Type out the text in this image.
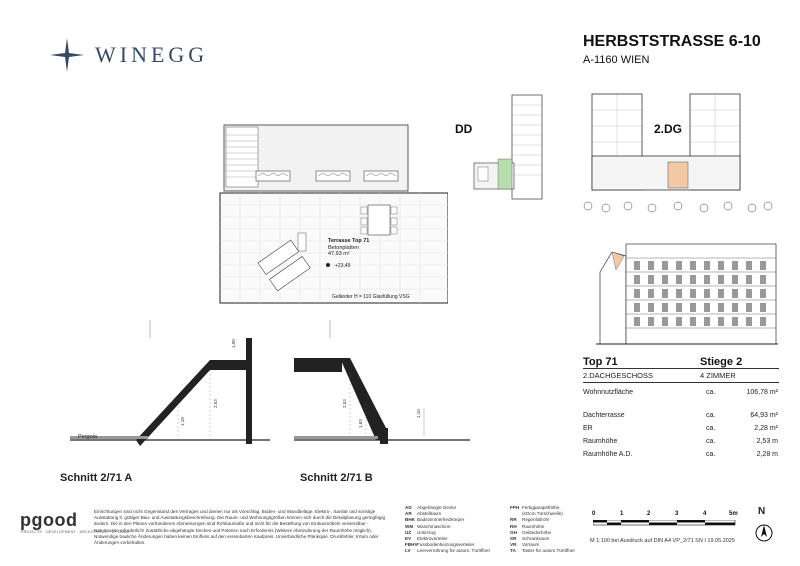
WINEGG
HERBSTSTRASSE 6-10
A-1160 WIEN
Terrasse Top 71
Betonplatten
47,93 m²
+23,49
Geländer H = 110 Glasfüllung VSG
DD	2.DG
2,53
1,10
1,00
Pergola
2,53
1,63
1,10
Schnitt 2/71 A	Schnitt 2/71 B
Top 71	Stiege 2
2.DACHGESCHOSS	4 ZIMMER
Wohnnutzfläche	ca.	106,78 m²
Dachterrasse	ca.	64,93 m²
ER	ca.	2,28 m²
Raumhöhe	ca.	2,53 m
Raumhöhe A.D.	ca.	2,28 m
pgood
PROJECTS · DEVELOPMENT · ARCHITEKTUR · ZT GMBH
Einrichtungen sind nicht Gegenstand des Vertrages und dienen nur als Vorschlag. Boden- und Wandbeläge, Elektro-, Sanitär und sonstige Ausstattung lt. gültiger Bau- und Ausstattungsbeschreibung. Die Raum- und Wohnungsgrößen können sich durch die Detailplanung geringfügig ändern. Die in den Plänen vorhandenen Abmessungen sind Rohbaumaße und nicht für die Bestellung von Einbaumöbeln verwendbar - Naturmasse erforderlich! Zusätzliche abgehängte Decken und Poterien nach Erfordernis (Weitere Abminderung der Raumhöhe möglich). Notwendige bauliche Änderungen haben keinen Einfluss auf den vereinbarten Kaufpreis. Unverbindliche Plankopie. Druckfehler, Irrtum oder Änderungen vorbehalten.
AD Abgehängte Decke
AR Abstellraum
BHK Badezimmerheizkörper
WM Waschmaschine
UZ Unterzug
EV Elektroverteiler
FBHVFussbodenheizungsverteiler
LV Leerverrohrung für autom. Türöffner
FPH Fertigparapethöhe
(sOcm Türschwelle)
RR Regenfallrohr
RH Raumhöhe
GH Geländerhöhe
SR Schrankraum
VR Vorraum
TA Taster für autom.Türöffner
0	1	2	3	4	5m
M 1:100 bei Ausdruck auf DIN A4 VP_2/71 SN I 19.05.2025
N
